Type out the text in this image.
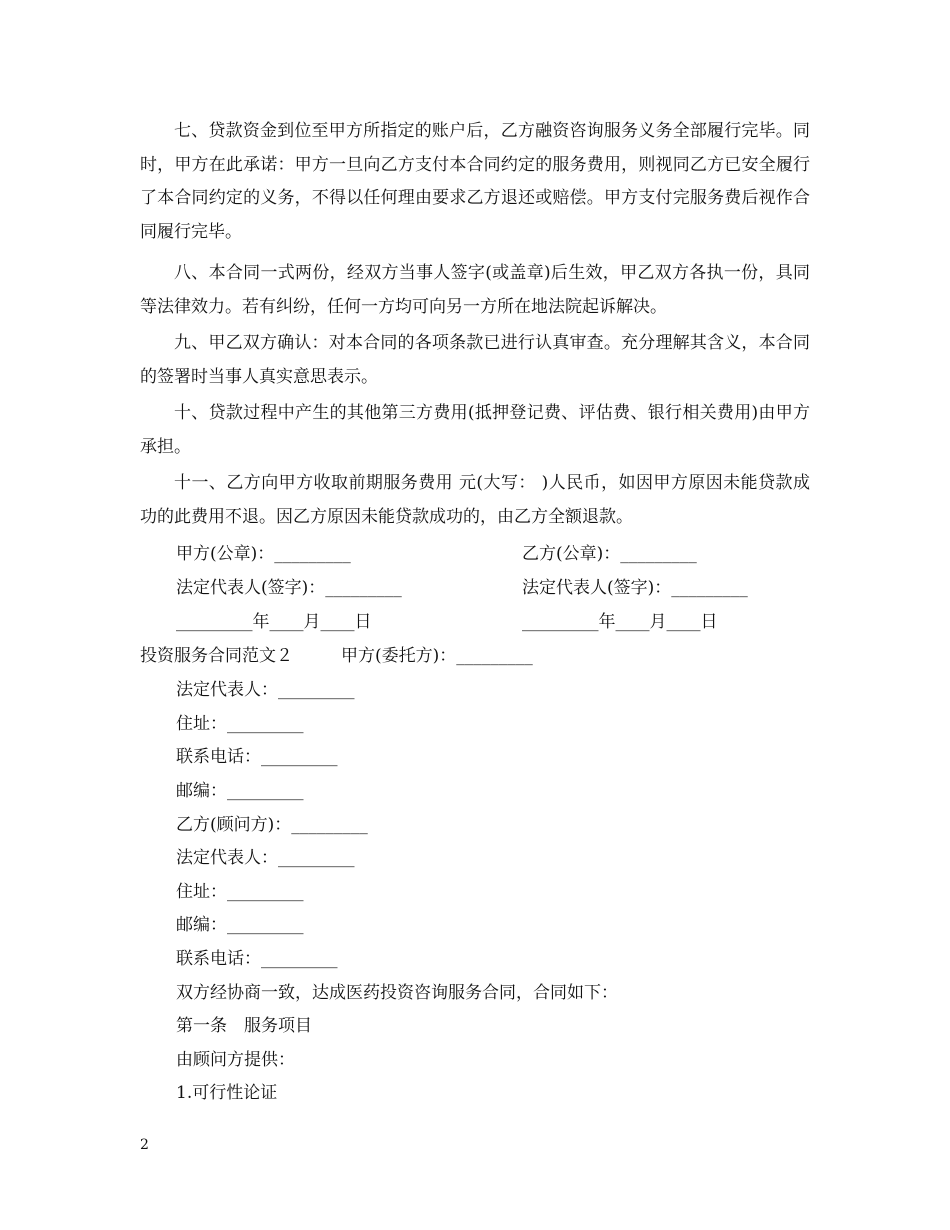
七、贷款资金到位至甲方所指定的账户后，乙方融资咨询服务义务全部履行完毕。同时，甲方在此承诺：甲方一旦向乙方支付本合同约定的服务费用，则视同乙方已安全履行了本合同约定的义务，不得以任何理由要求乙方退还或赔偿。甲方支付完服务费后视作合同履行完毕。

八、本合同一式两份，经双方当事人签字(或盖章)后生效，甲乙双方各执一份，具同等法律效力。若有纠纷，任何一方均可向另一方所在地法院起诉解决。

九、甲乙双方确认：对本合同的各项条款已进行认真审查。充分理解其含义，本合同的签署时当事人真实意思表示。

十、贷款过程中产生的其他第三方费用(抵押登记费、评估费、银行相关费用)由甲方承担。

十一、乙方向甲方收取前期服务费用 元(大写： )人民币，如因甲方原因未能贷款成功的此费用不退。因乙方原因未能贷款成功的，由乙方全额退款。

甲方(公章)：_________	乙方(公章)：_________
法定代表人(签字)：_________	法定代表人(签字)：_________
_________年____月____日	_________年____月____日
投资服务合同范文２	甲方(委托方)：_________
法定代表人：_________
住址：_________
联系电话：_________
邮编：_________
乙方(顾问方)：_________
法定代表人：_________
住址：_________
邮编：_________
联系电话：_________
双方经协商一致，达成医药投资咨询服务合同，合同如下：
第一条　服务项目
由顾问方提供：
1.可行性论证
2
